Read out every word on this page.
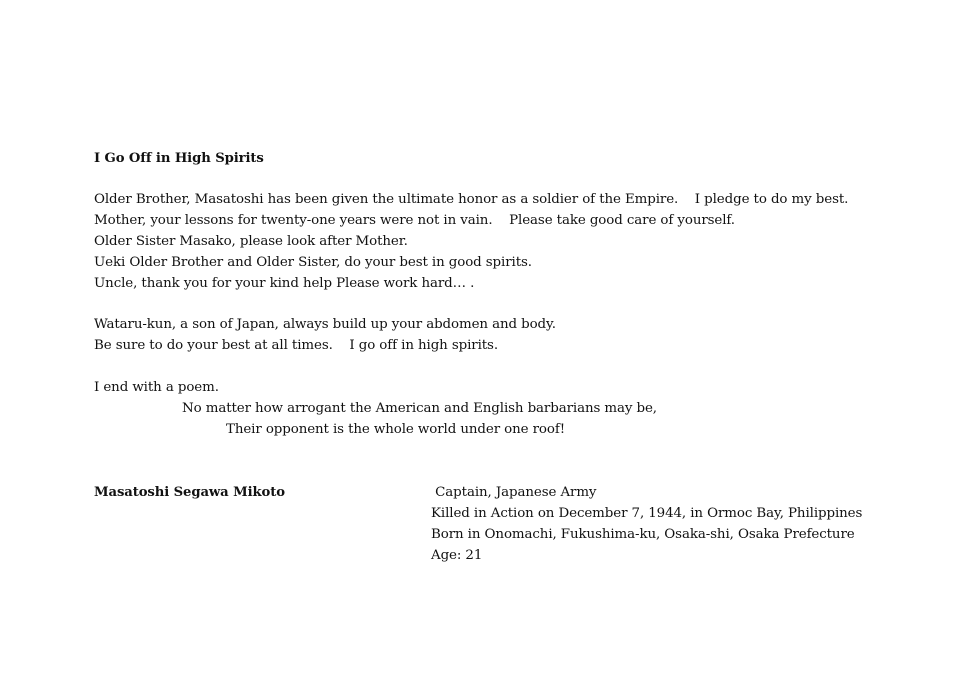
I Go Off in High Spirits
Older Brother, Masatoshi has been given the ultimate honor as a soldier of the Empire.    I pledge to do my best.
Mother, your lessons for twenty-one years were not in vain.    Please take good care of yourself.
Older Sister Masako, please look after Mother.
Ueki Older Brother and Older Sister, do your best in good spirits.
Uncle, thank you for your kind help Please work hard… .
Wataru-kun, a son of Japan, always build up your abdomen and body.
Be sure to do your best at all times.    I go off in high spirits.
I end with a poem.
No matter how arrogant the American and English barbarians may be,
Their opponent is the whole world under one roof!
Masatoshi Segawa Mikoto	Captain, Japanese Army
Killed in Action on December 7, 1944, in Ormoc Bay, Philippines
Born in Onomachi, Fukushima-ku, Osaka-shi, Osaka Prefecture
Age: 21
